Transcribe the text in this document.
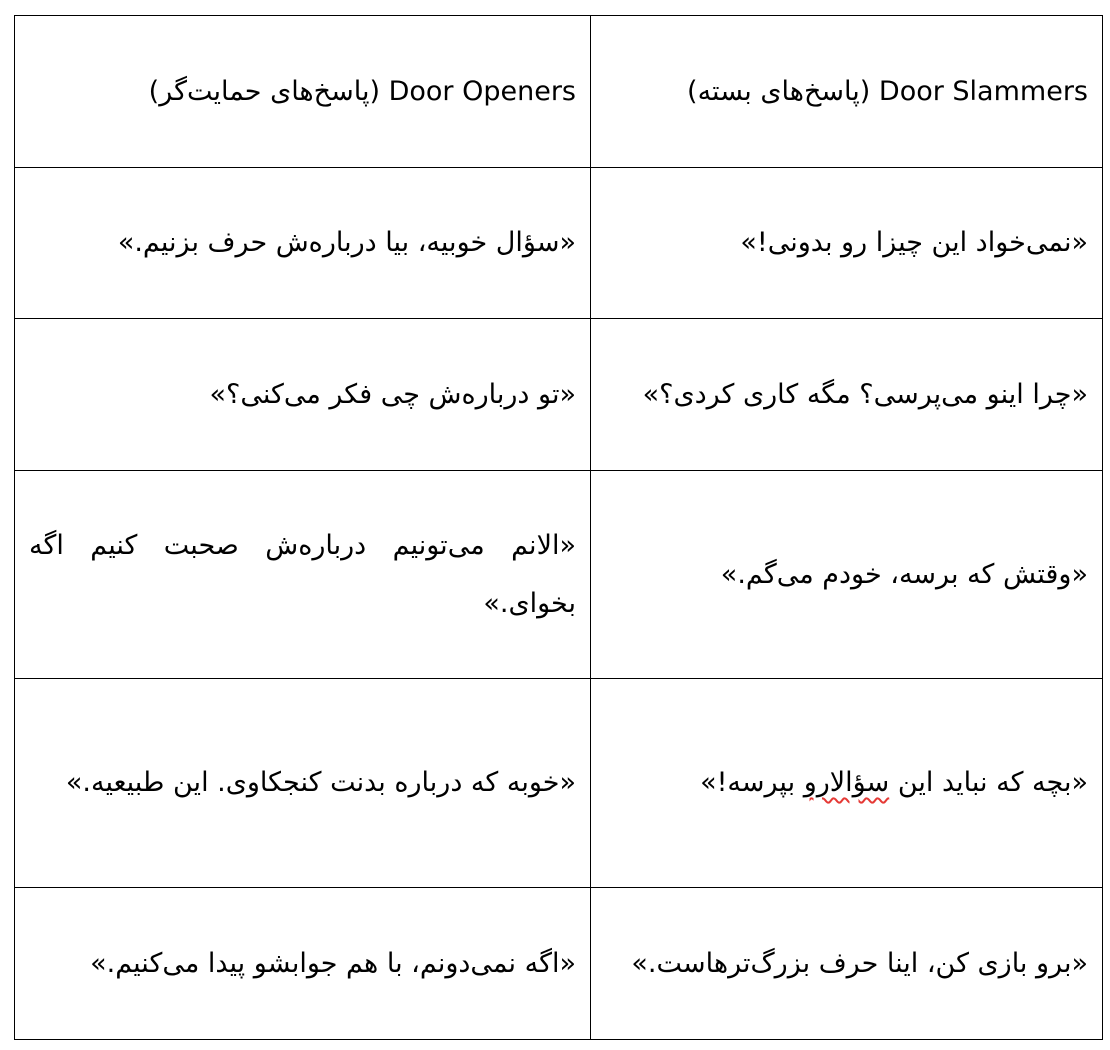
Door Slammers (پاسخ‌های بسته)	Door Openers (پاسخ‌های حمایت‌گر)

«نمی‌خواد این چیزا رو بدونی!»	«سؤال خوبیه، بیا درباره‌ش حرف بزنیم.»

«چرا اینو می‌پرسی؟ مگه کاری کردی؟»	«تو درباره‌ش چی فکر می‌کنی؟»

«وقتش که برسه، خودم می‌گم.»	«الانم می‌تونیم درباره‌ش صحبت کنیم اگه بخوای.»

«بچه که نباید این سؤالارو بپرسه!»	«خوبه که درباره بدنت کنجکاوی. این طبیعیه.»

«برو بازی کن، اینا حرف بزرگ‌ترهاست.»	«اگه نمی‌دونم، با هم جوابشو پیدا می‌کنیم.»
